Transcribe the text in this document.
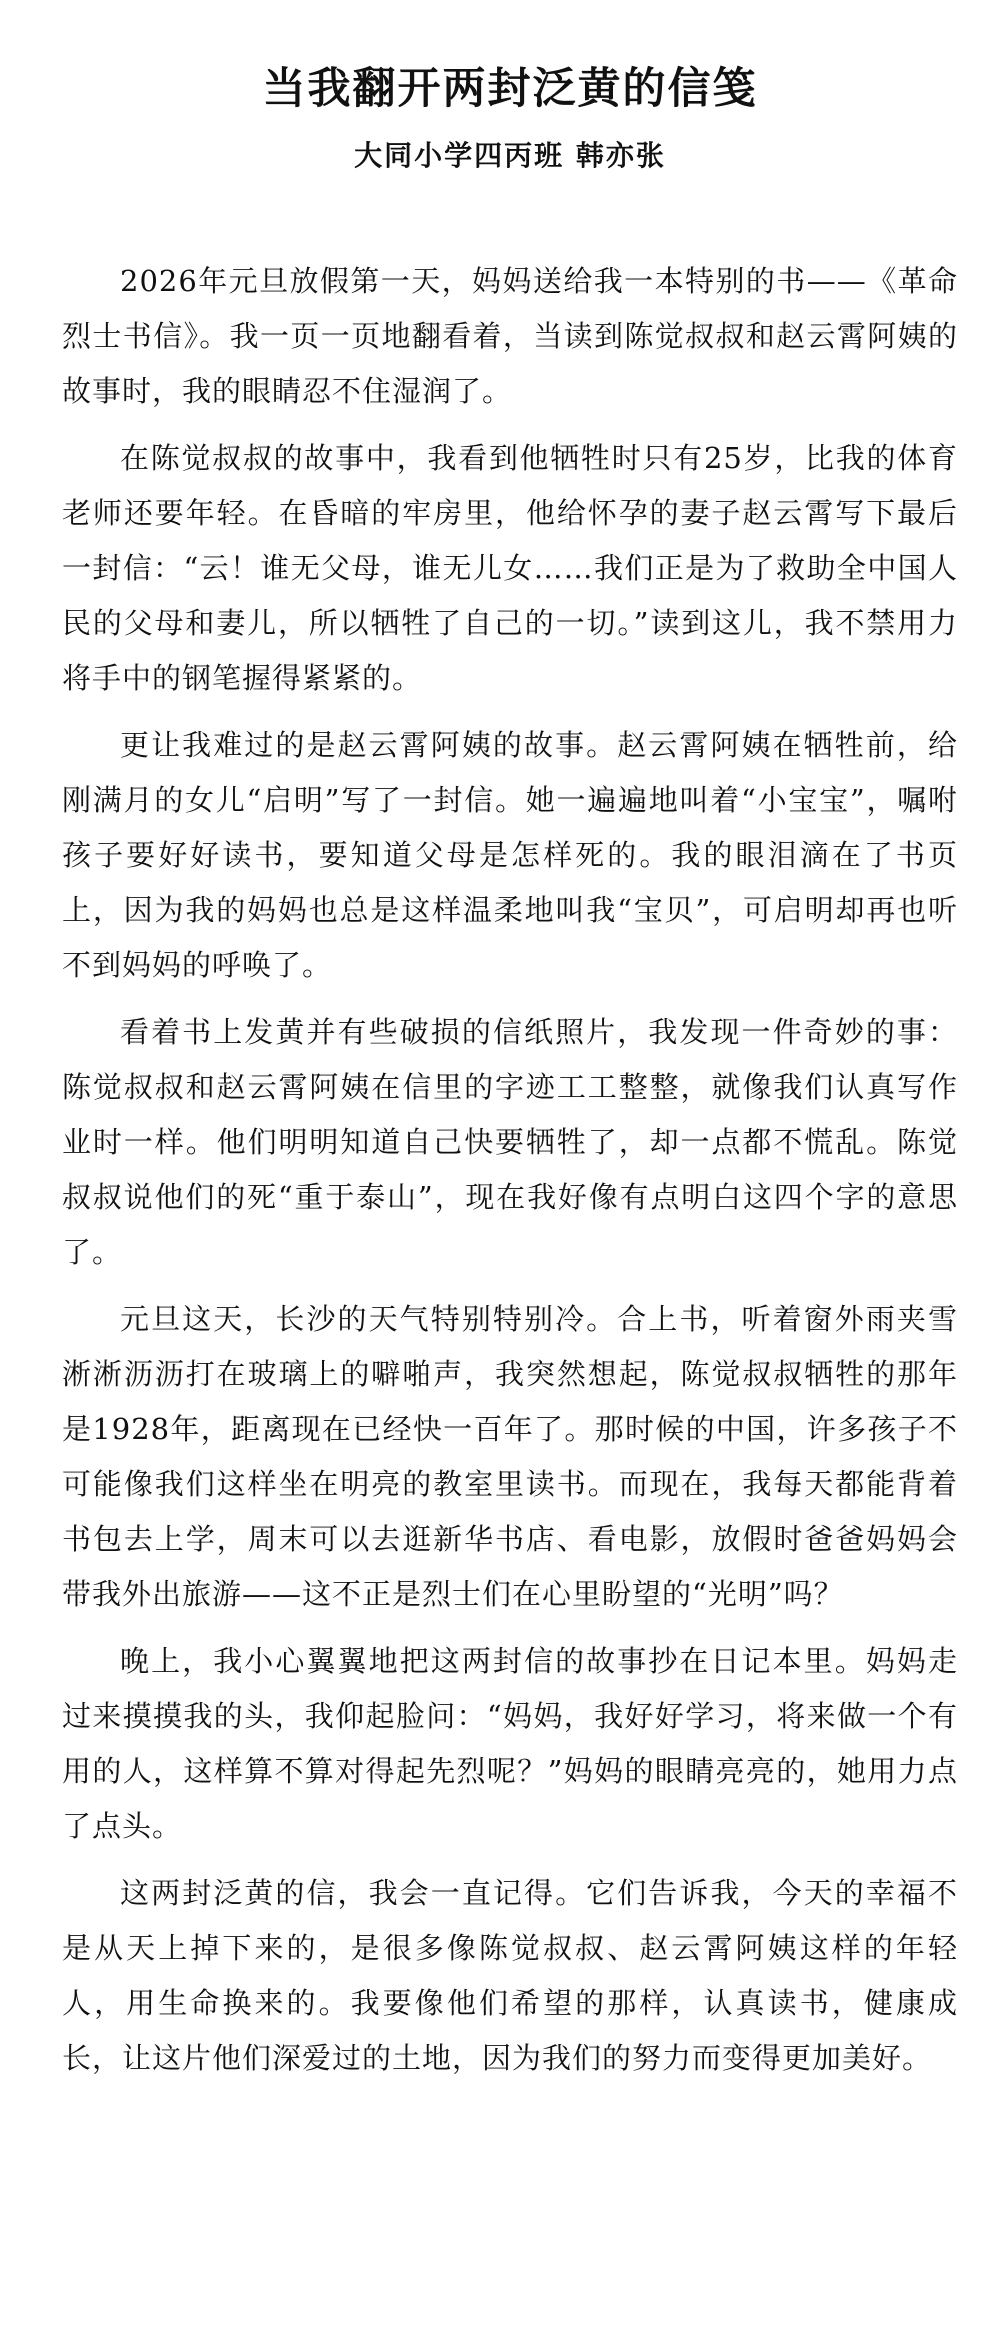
当我翻开两封泛黄的信笺
大同小学四丙班 韩亦张

2026年元旦放假第一天，妈妈送给我一本特别的书——《革命烈士书信》。我一页一页地翻看着，当读到陈觉叔叔和赵云霄阿姨的故事时，我的眼睛忍不住湿润了。

在陈觉叔叔的故事中，我看到他牺牲时只有25岁，比我的体育老师还要年轻。在昏暗的牢房里，他给怀孕的妻子赵云霄写下最后一封信：“云！谁无父母，谁无儿女……我们正是为了救助全中国人民的父母和妻儿，所以牺牲了自己的一切。”读到这儿，我不禁用力将手中的钢笔握得紧紧的。

更让我难过的是赵云霄阿姨的故事。赵云霄阿姨在牺牲前，给刚满月的女儿“启明”写了一封信。她一遍遍地叫着“小宝宝”，嘱咐孩子要好好读书，要知道父母是怎样死的。我的眼泪滴在了书页上，因为我的妈妈也总是这样温柔地叫我“宝贝”，可启明却再也听不到妈妈的呼唤了。

看着书上发黄并有些破损的信纸照片，我发现一件奇妙的事：陈觉叔叔和赵云霄阿姨在信里的字迹工工整整，就像我们认真写作业时一样。他们明明知道自己快要牺牲了，却一点都不慌乱。陈觉叔叔说他们的死“重于泰山”，现在我好像有点明白这四个字的意思了。

元旦这天，长沙的天气特别特别冷。合上书，听着窗外雨夹雪淅淅沥沥打在玻璃上的噼啪声，我突然想起，陈觉叔叔牺牲的那年是1928年，距离现在已经快一百年了。那时候的中国，许多孩子不可能像我们这样坐在明亮的教室里读书。而现在，我每天都能背着书包去上学，周末可以去逛新华书店、看电影，放假时爸爸妈妈会带我外出旅游——这不正是烈士们在心里盼望的“光明”吗？

晚上，我小心翼翼地把这两封信的故事抄在日记本里。妈妈走过来摸摸我的头，我仰起脸问：“妈妈，我好好学习，将来做一个有用的人，这样算不算对得起先烈呢？”妈妈的眼睛亮亮的，她用力点了点头。

这两封泛黄的信，我会一直记得。它们告诉我，今天的幸福不是从天上掉下来的，是很多像陈觉叔叔、赵云霄阿姨这样的年轻人，用生命换来的。我要像他们希望的那样，认真读书，健康成长，让这片他们深爱过的土地，因为我们的努力而变得更加美好。
